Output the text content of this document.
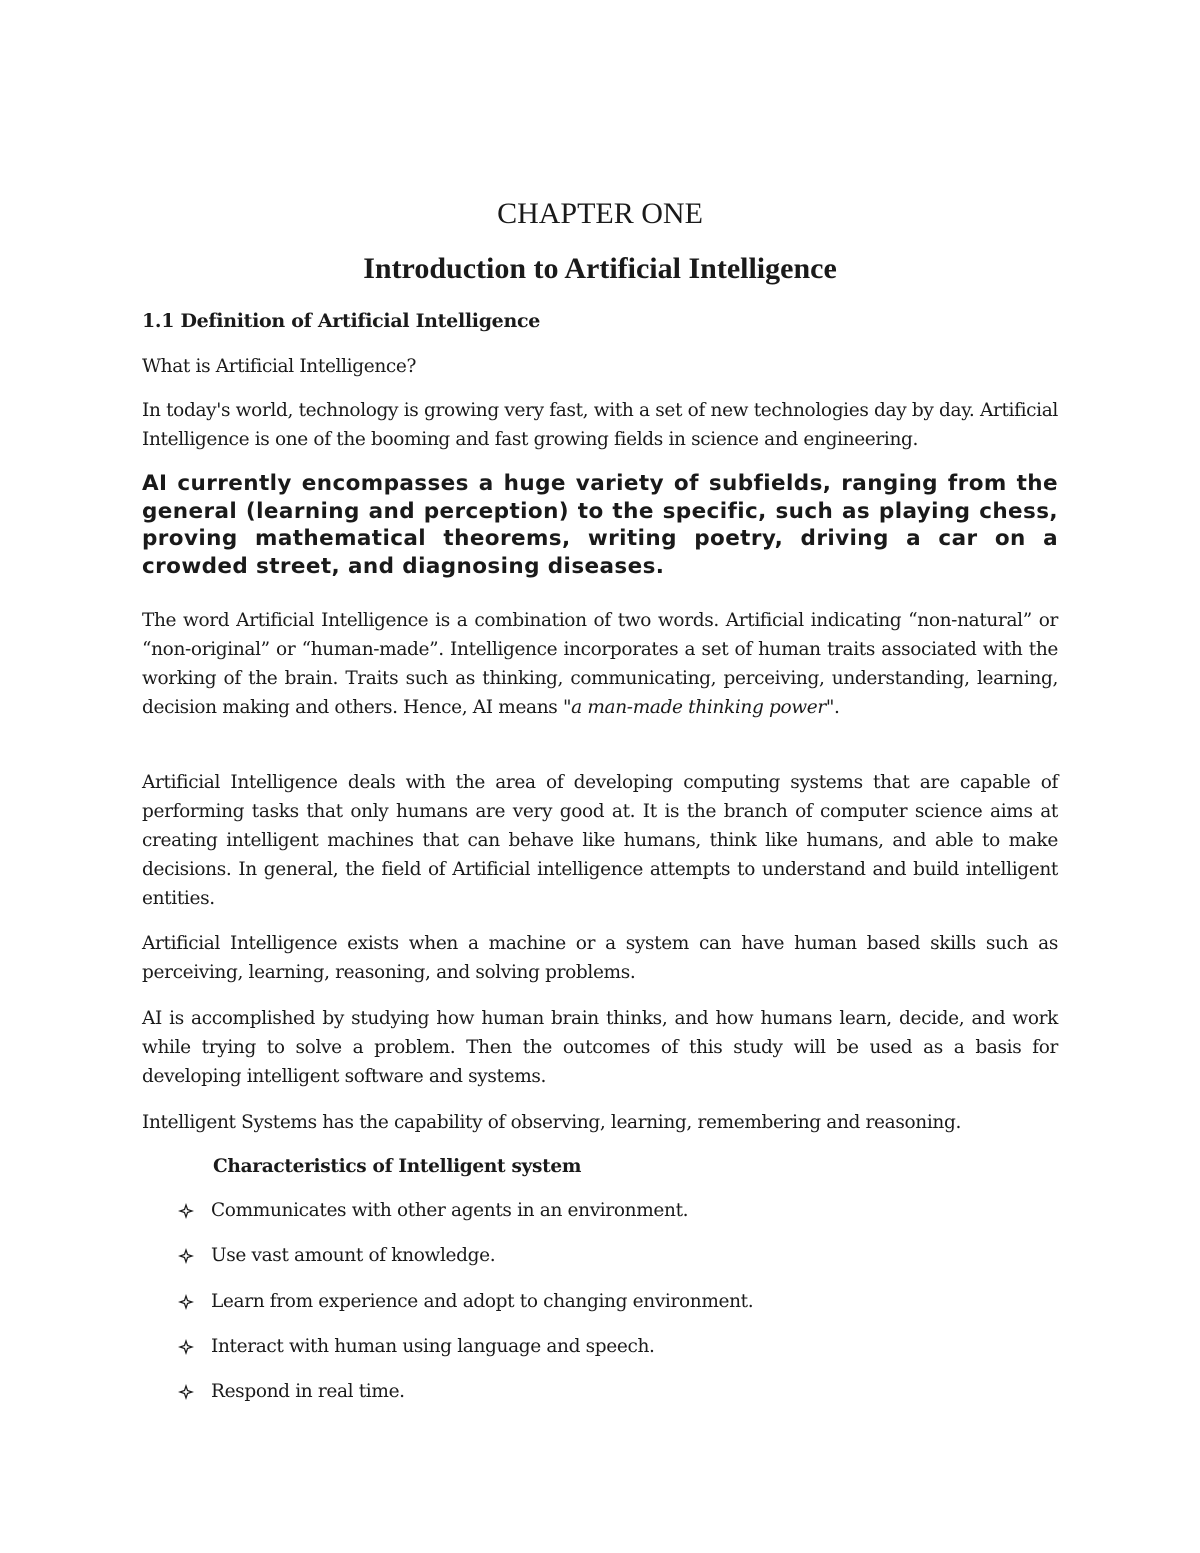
CHAPTER ONE
Introduction to Artificial Intelligence
1.1 Definition of Artificial Intelligence
What is Artificial Intelligence?
In today's world, technology is growing very fast, with a set of new technologies day by day. Artificial Intelligence is one of the booming and fast growing fields in science and engineering.
AI currently encompasses a huge variety of subfields, ranging from the general (learning and perception) to the specific, such as playing chess, proving mathematical theorems, writing poetry, driving a car on a crowded street, and diagnosing diseases.
The word Artificial Intelligence is a combination of two words. Artificial indicating “non-natural” or “non-original” or “human-made”. Intelligence incorporates a set of human traits associated with the working of the brain. Traits such as thinking, communicating, perceiving, understanding, learning, decision making and others. Hence, AI means "a man-made thinking power".
Artificial Intelligence deals with the area of developing computing systems that are capable of performing tasks that only humans are very good at. It is the branch of computer science aims at creating intelligent machines that can behave like humans, think like humans, and able to make decisions. In general, the field of Artificial intelligence attempts to understand and build intelligent entities.
Artificial Intelligence exists when a machine or a system can have human based skills such as perceiving, learning, reasoning, and solving problems.
AI is accomplished by studying how human brain thinks, and how humans learn, decide, and work while trying to solve a problem. Then the outcomes of this study will be used as a basis for developing intelligent software and systems.
Intelligent Systems has the capability of observing, learning, remembering and reasoning.
Characteristics of Intelligent system
Communicates with other agents in an environment.
Use vast amount of knowledge.
Learn from experience and adopt to changing environment.
Interact with human using language and speech.
Respond in real time.
